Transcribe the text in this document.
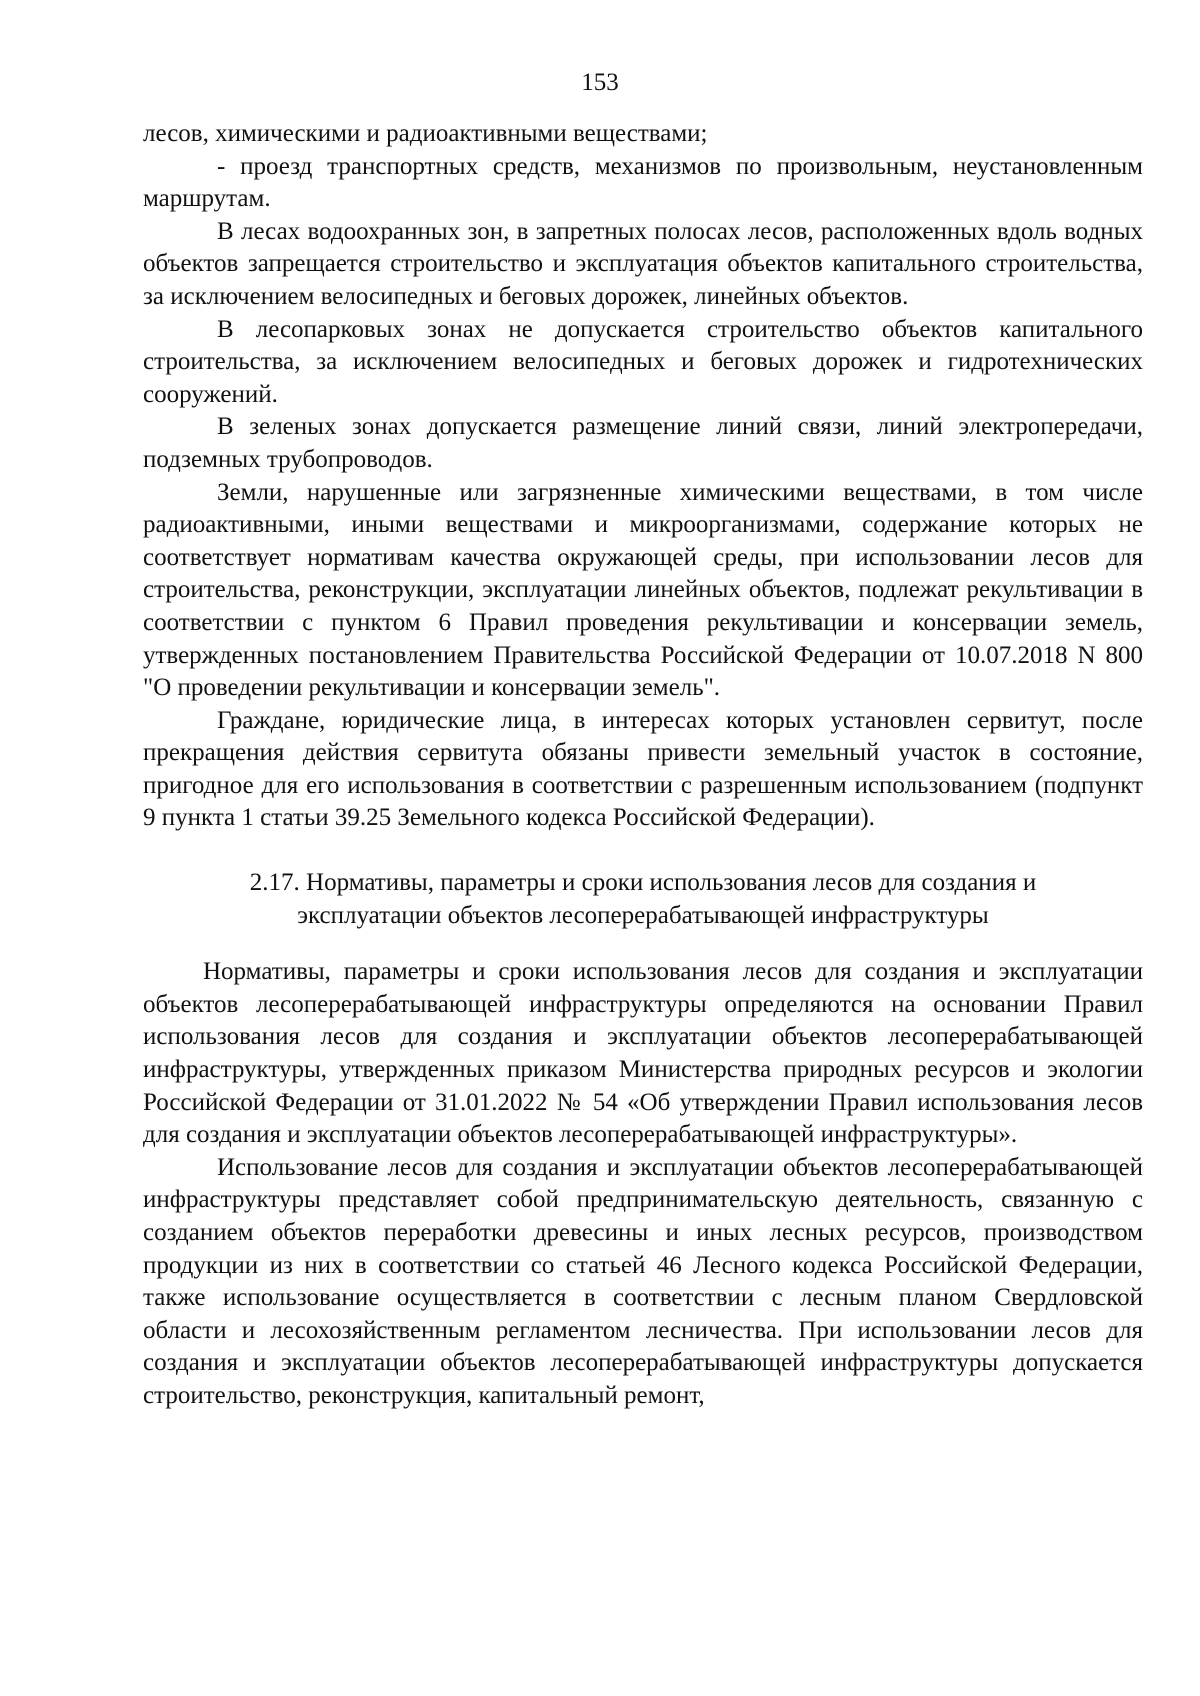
153

лесов, химическими и радиоактивными веществами;

- проезд транспортных средств, механизмов по произвольным, неустановленным маршрутам.

В лесах водоохранных зон, в запретных полосах лесов, расположенных вдоль водных объектов запрещается строительство и эксплуатация объектов капитального строительства, за исключением велосипедных и беговых дорожек, линейных объектов.

В лесопарковых зонах не допускается строительство объектов капитального строительства, за исключением велосипедных и беговых дорожек и гидротехнических сооружений.

В зеленых зонах допускается размещение линий связи, линий электропередачи, подземных трубопроводов.

Земли, нарушенные или загрязненные химическими веществами, в том числе радиоактивными, иными веществами и микроорганизмами, содержание которых не соответствует нормативам качества окружающей среды, при использовании лесов для строительства, реконструкции, эксплуатации линейных объектов, подлежат рекультивации в соответствии с пунктом 6 Правил проведения рекультивации и консервации земель, утвержденных постановлением Правительства Российской Федерации от 10.07.2018 N 800 "О проведении рекультивации и консервации земель".

Граждане, юридические лица, в интересах которых установлен сервитут, после прекращения действия сервитута обязаны привести земельный участок в состояние, пригодное для его использования в соответствии с разрешенным использованием (подпункт 9 пункта 1 статьи 39.25 Земельного кодекса Российской Федерации).

2.17. Нормативы, параметры и сроки использования лесов для создания и эксплуатации объектов лесоперерабатывающей инфраструктуры

Нормативы, параметры и сроки использования лесов для создания и эксплуатации объектов лесоперерабатывающей инфраструктуры определяются на основании Правил использования лесов для создания и эксплуатации объектов лесоперерабатывающей инфраструктуры, утвержденных приказом Министерства природных ресурсов и экологии Российской Федерации от 31.01.2022 № 54 «Об утверждении Правил использования лесов для создания и эксплуатации объектов лесоперерабатывающей инфраструктуры».

Использование лесов для создания и эксплуатации объектов лесоперерабатывающей инфраструктуры представляет собой предпринимательскую деятельность, связанную с созданием объектов переработки древесины и иных лесных ресурсов, производством продукции из них в соответствии со статьей 46 Лесного кодекса Российской Федерации, также использование осуществляется в соответствии с лесным планом Свердловской области и лесохозяйственным регламентом лесничества. При использовании лесов для создания и эксплуатации объектов лесоперерабатывающей инфраструктуры допускается строительство, реконструкция, капитальный ремонт,
